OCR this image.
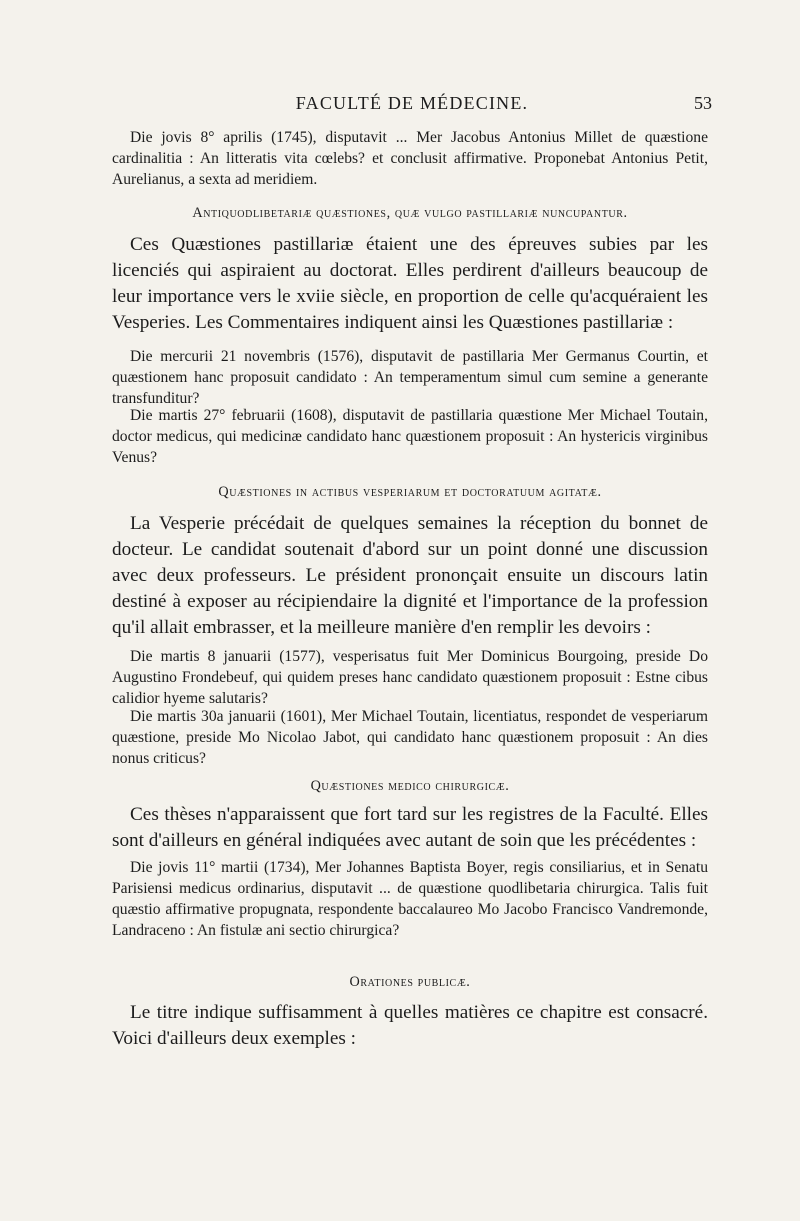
FACULTÉ DE MÉDECINE.	53

Die jovis 8° aprilis (1745), disputavit ... Mer Jacobus Antonius Millet de quæstione cardinalitia : An litteratis vita cœlebs? et conclusit affirmative. Proponebat Antonius Petit, Aurelianus, a sexta ad meridiem.

Antiquodlibetariæ quæstiones, quæ vulgo pastillariæ nuncupantur.

Ces Quæstiones pastillariæ étaient une des épreuves subies par les licenciés qui aspiraient au doctorat. Elles perdirent d'ailleurs beaucoup de leur importance vers le xviie siècle, en proportion de celle qu'acquéraient les Vesperies. Les Commentaires indiquent ainsi les Quæstiones pastillariæ :

Die mercurii 21 novembris (1576), disputavit de pastillaria Mer Germanus Courtin, et quæstionem hanc proposuit candidato : An temperamentum simul cum semine a generante transfunditur?

Die martis 27° februarii (1608), disputavit de pastillaria quæstione Mer Michael Toutain, doctor medicus, qui medicinæ candidato hanc quæstionem proposuit : An hystericis virginibus Venus?

Quæstiones in actibus vesperiarum et doctoratuum agitatæ.

La Vesperie précédait de quelques semaines la réception du bonnet de docteur. Le candidat soutenait d'abord sur un point donné une discussion avec deux professeurs. Le président prononçait ensuite un discours latin destiné à exposer au récipiendaire la dignité et l'importance de la profession qu'il allait embrasser, et la meilleure manière d'en remplir les devoirs :

Die martis 8 januarii (1577), vesperisatus fuit Mer Dominicus Bourgoing, preside Do Augustino Frondebeuf, qui quidem preses hanc candidato quæstionem proposuit : Estne cibus calidior hyeme salutaris?

Die martis 30a januarii (1601), Mer Michael Toutain, licentiatus, respondet de vesperiarum quæstione, preside Mo Nicolao Jabot, qui candidato hanc quæstionem proposuit : An dies nonus criticus?

Quæstiones medico chirurgicæ.

Ces thèses n'apparaissent que fort tard sur les registres de la Faculté. Elles sont d'ailleurs en général indiquées avec autant de soin que les précédentes :

Die jovis 11° martii (1734), Mer Johannes Baptista Boyer, regis consiliarius, et in Senatu Parisiensi medicus ordinarius, disputavit ... de quæstione quodlibetaria chirurgica. Talis fuit quæstio affirmative propugnata, respondente baccalaureo Mo Jacobo Francisco Vandremonde, Landraceno : An fistulæ ani sectio chirurgica?

Orationes publicæ.

Le titre indique suffisamment à quelles matières ce chapitre est consacré. Voici d'ailleurs deux exemples :
